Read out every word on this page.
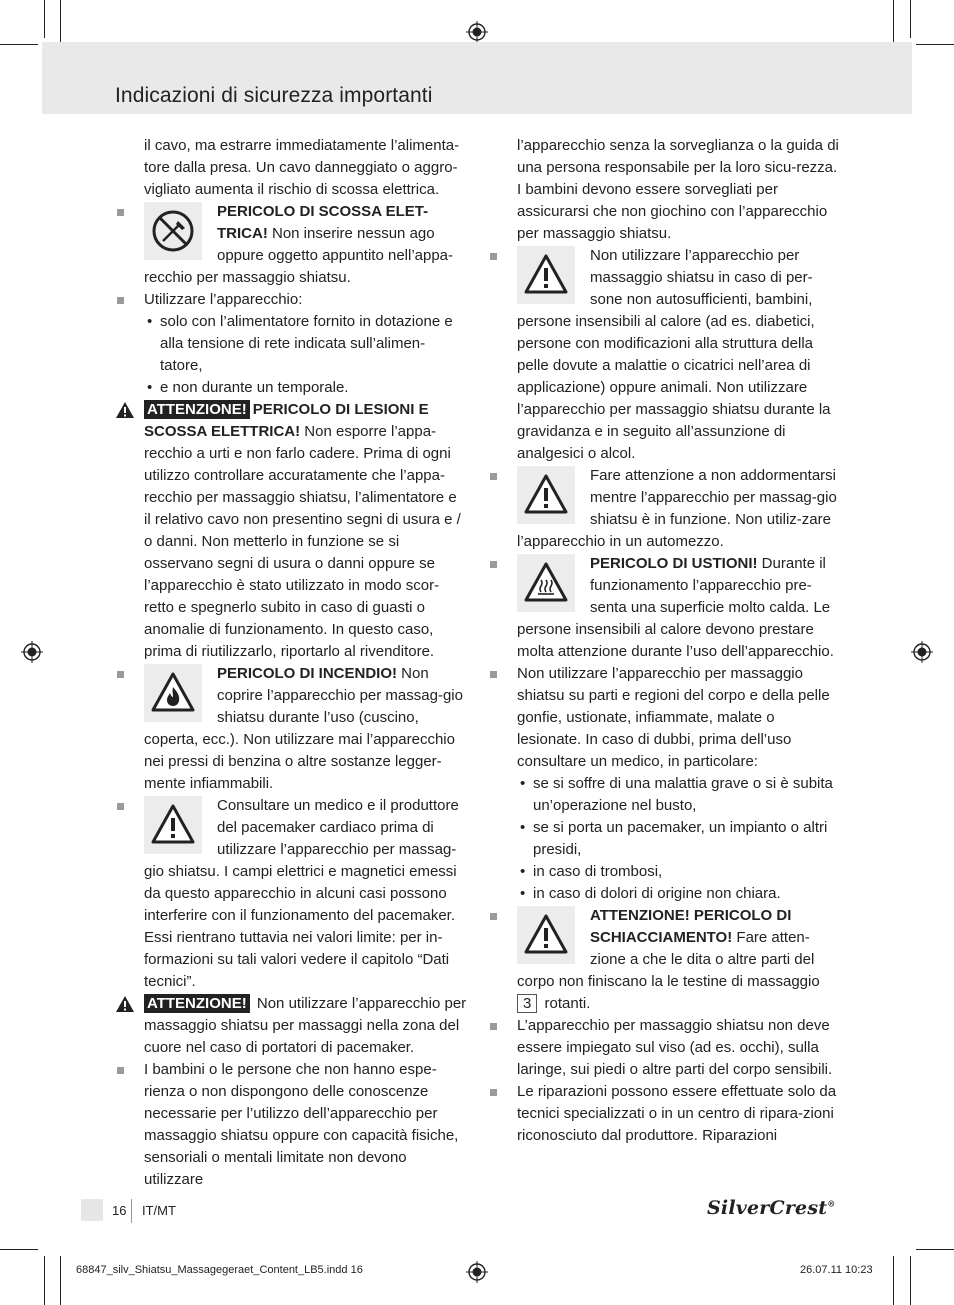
Indicazioni di sicurezza importanti

il cavo, ma estrarre immediatamente l’alimenta-tore dalla presa. Un cavo danneggiato o aggro-vigliato aumenta il rischio di scossa elettrica.

PERICOLO DI SCOSSA ELET-TRICA! Non inserire nessun ago oppure oggetto appuntito nell’appa-recchio per massaggio shiatsu.

Utilizzare l’apparecchio:

• solo con l’alimentatore fornito in dotazione e alla tensione di rete indicata sull’alimen-tatore,
• e non durante un temporale.

ATTENZIONE! PERICOLO DI LESIONI E SCOSSA ELETTRICA! Non esporre l’appa-recchio a urti e non farlo cadere. Prima di ogni utilizzo controllare accuratamente che l’appa-recchio per massaggio shiatsu, l’alimentatore e il relativo cavo non presentino segni di usura e / o danni. Non metterlo in funzione se si osservano segni di usura o danni oppure se l’apparecchio è stato utilizzato in modo scor-retto e spegnerlo subito in caso di guasti o anomalie di funzionamento. In questo caso, prima di riutilizzarlo, riportarlo al rivenditore.

PERICOLO DI INCENDIO! Non coprire l’apparecchio per massag-gio shiatsu durante l’uso (cuscino, coperta, ecc.). Non utilizzare mai l’apparecchio nei pressi di benzina o altre sostanze legger-mente infiammabili.

Consultare un medico e il produttore del pacemaker cardiaco prima di utilizzare l’apparecchio per massag-gio shiatsu. I campi elettrici e magnetici emessi da questo apparecchio in alcuni casi possono interferire con il funzionamento del pacemaker. Essi rientrano tuttavia nei valori limite: per in-formazioni su tali valori vedere il capitolo “Dati tecnici”.

ATTENZIONE! Non utilizzare l’apparecchio per massaggio shiatsu per massaggi nella zona del cuore nel caso di portatori di pacemaker.

I bambini o le persone che non hanno espe-rienza o non dispongono delle conoscenze necessarie per l’utilizzo dell’apparecchio per massaggio shiatsu oppure con capacità fisiche, sensoriali o mentali limitate non devono utilizzare

l’apparecchio senza la sorveglianza o la guida di una persona responsabile per la loro sicu-rezza. I bambini devono essere sorvegliati per assicurarsi che non giochino con l’apparecchio per massaggio shiatsu.

Non utilizzare l’apparecchio per massaggio shiatsu in caso di per-sone non autosufficienti, bambini, persone insensibili al calore (ad es. diabetici, persone con modificazioni alla struttura della pelle dovute a malattie o cicatrici nell’area di applicazione) oppure animali. Non utilizzare l’apparecchio per massaggio shiatsu durante la gravidanza e in seguito all’assunzione di analgesici o alcol.

Fare attenzione a non addormentarsi mentre l’apparecchio per massag-gio shiatsu è in funzione. Non utiliz-zare l’apparecchio in un automezzo.

PERICOLO DI USTIONI! Durante il funzionamento l’apparecchio pre-senta una superficie molto calda. Le persone insensibili al calore devono prestare molta attenzione durante l’uso dell’apparecchio.

Non utilizzare l’apparecchio per massaggio shiatsu su parti e regioni del corpo e della pelle gonfie, ustionate, infiammate, malate o lesionate. In caso di dubbi, prima dell’uso consultare un medico, in particolare:

• se si soffre di una malattia grave o si è subita un’operazione nel busto,
• se si porta un pacemaker, un impianto o altri presidi,
• in caso di trombosi,
• in caso di dolori di origine non chiara.

ATTENZIONE! PERICOLO DI SCHIACCIAMENTO! Fare atten-zione a che le dita o altre parti del corpo non finiscano la le testine di massaggio
3 rotanti.

L’apparecchio per massaggio shiatsu non deve essere impiegato sul viso (ad es. occhi), sulla laringe, sui piedi o altre parti del corpo sensibili.

Le riparazioni possono essere effettuate solo da tecnici specializzati o in un centro di ripara-zioni riconosciuto dal produttore. Riparazioni

16 IT/MT	SilverCrest®
68847_silv_Shiatsu_Massagegeraet_Content_LB5.indd 16	26.07.11 10:23
